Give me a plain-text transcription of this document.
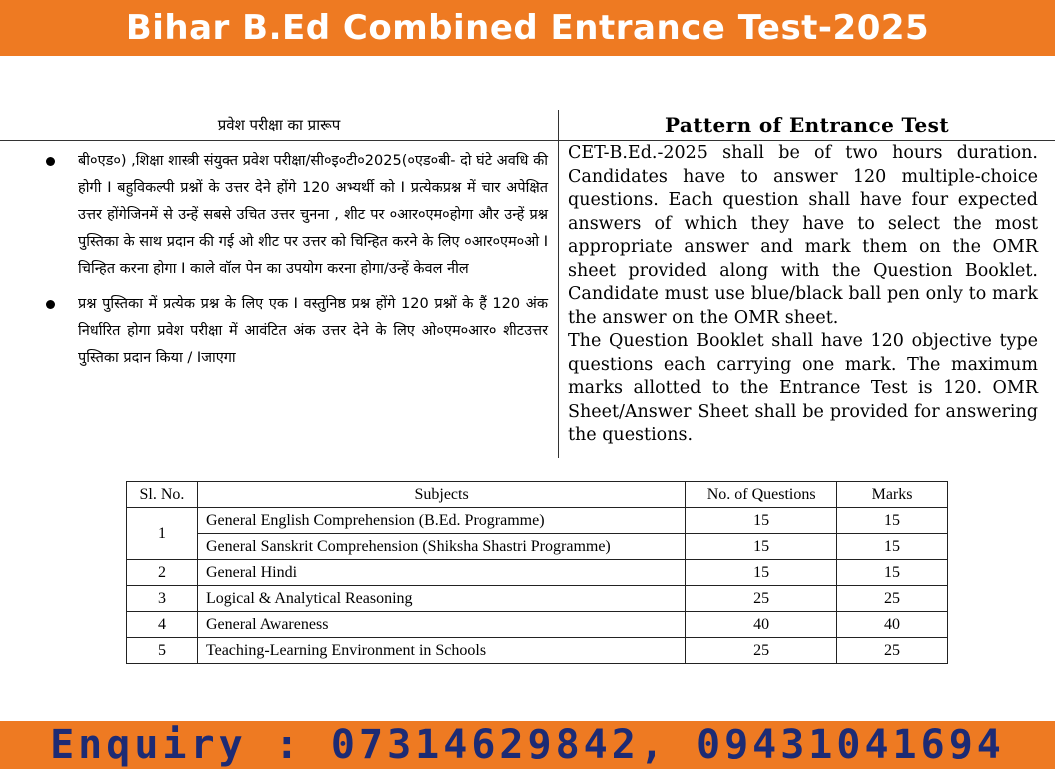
Bihar B.Ed Combined Entrance Test-2025
प्रवेश परीक्षा का प्रारूप	Pattern of Entrance Test
बी०एड०) ,शिक्षा शास्त्री संयुक्त प्रवेश परीक्षा/सी०इ०टी०2025(०एड०बी- दो घंटे अवधि की होगी I बहुविकल्पी प्रश्नों के उत्तर देने होंगे 120 अभ्यर्थी को I प्रत्येकप्रश्न में चार अपेक्षित उत्तर होंगेजिनमें से उन्हें सबसे उचित उत्तर चुनना , शीट पर ०आर०एम०होगा और उन्हें प्रश्न पुस्तिका के साथ प्रदान की गई ओ शीट पर उत्तर को चिन्हित करने के लिए ०आर०एम०ओ I चिन्हित करना होगा I काले वॉल पेन का उपयोग करना होगा/उन्हें केवल नील
प्रश्न पुस्तिका में प्रत्येक प्रश्न के लिए एक I वस्तुनिष्ठ प्रश्न होंगे 120 प्रश्नों के हैं 120 अंक निर्धारित होगा प्रवेश परीक्षा में आवंटित अंक उत्तर देने के लिए ओ०एम०आर० शीटउत्तर पुस्तिका प्रदान किया / Iजाएगा

CET-B.Ed.-2025 shall be of two hours duration. Candidates have to answer 120 multiple-choice questions. Each question shall have four expected answers of which they have to select the most appropriate answer and mark them on the OMR sheet provided along with the Question Booklet. Candidate must use blue/black ball pen only to mark the answer on the OMR sheet.

The Question Booklet shall have 120 objective type questions each carrying one mark. The maximum marks allotted to the Entrance Test is 120. OMR Sheet/Answer Sheet shall be provided for answering the questions.

Sl. No.	Subjects	No. of Questions	Marks
1	General English Comprehension (B.Ed. Programme)	15	15
	General Sanskrit Comprehension (Shiksha Shastri Programme)	15	15
2	General Hindi	15	15
3	Logical & Analytical Reasoning	25	25
4	General Awareness	40	40
5	Teaching-Learning Environment in Schools	25	25
Enquiry : 07314629842, 09431041694
